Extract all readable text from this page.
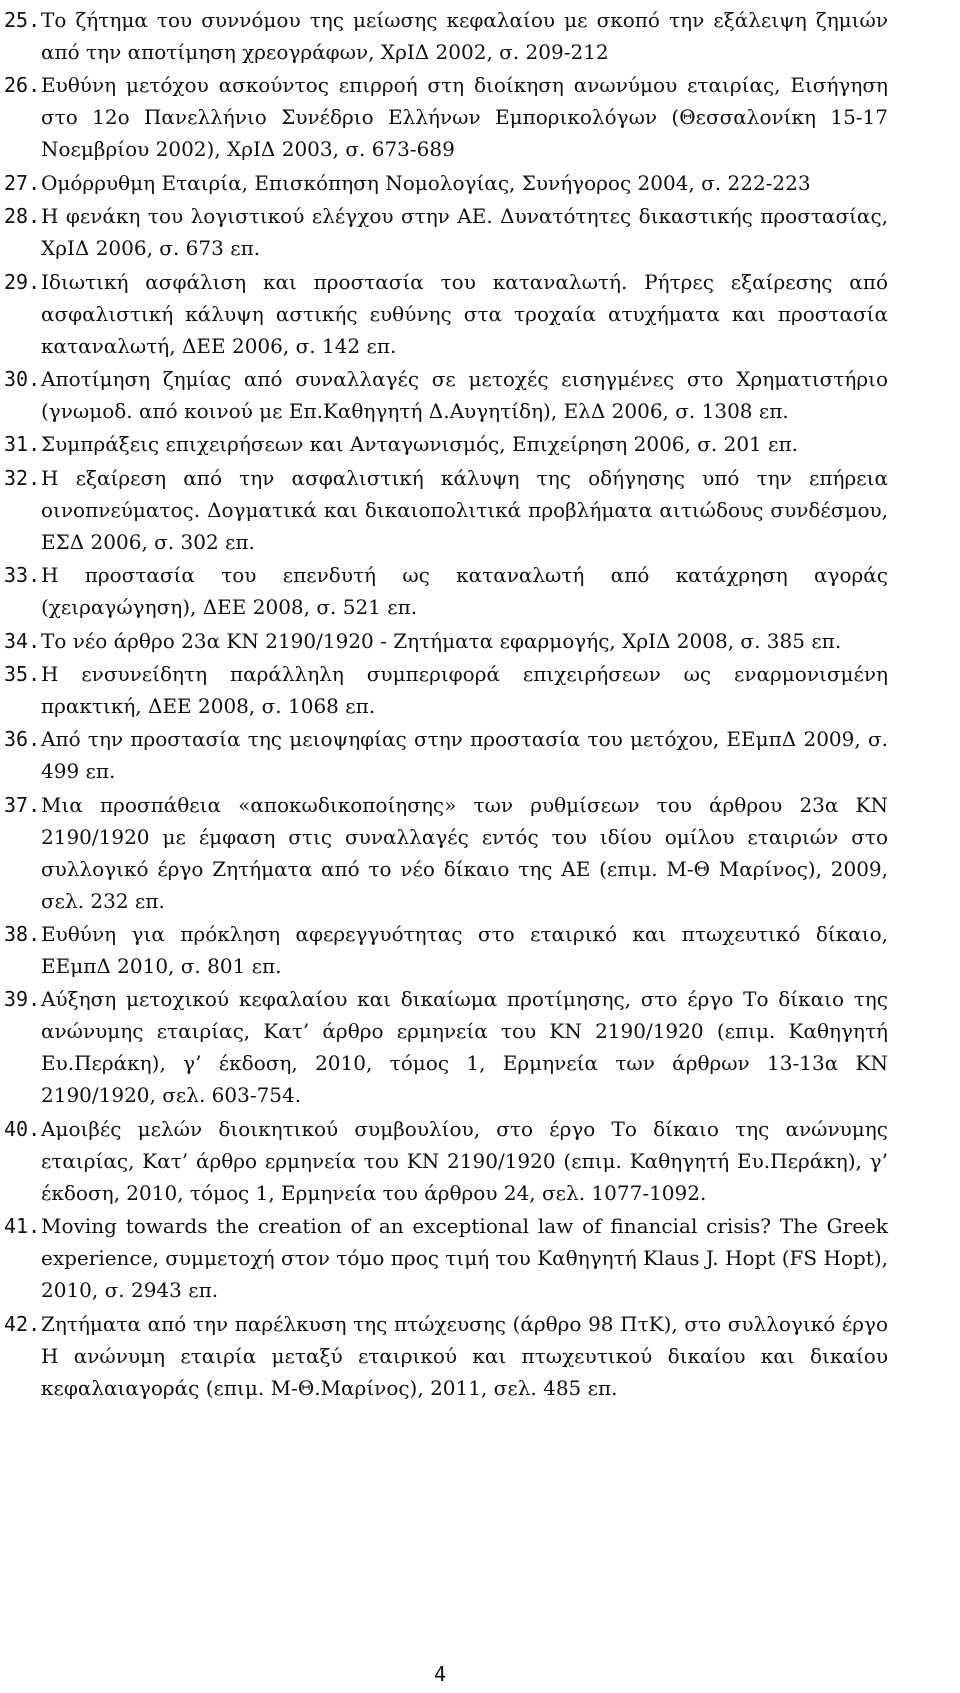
25. Το ζήτημα του συννόμου της μείωσης κεφαλαίου με σκοπό την εξάλειψη ζημιών από την αποτίμηση χρεογράφων, ΧρΙΔ 2002, σ. 209-212
26. Ευθύνη μετόχου ασκούντος επιρροή στη διοίκηση ανωνύμου εταιρίας, Εισήγηση στο 12ο Πανελλήνιο Συνέδριο Ελλήνων Εμπορικολόγων (Θεσσαλονίκη 15-17 Νοεμβρίου 2002), ΧρΙΔ 2003, σ. 673-689
27. Ομόρρυθμη Εταιρία, Επισκόπηση Νομολογίας, Συνήγορος 2004, σ. 222-223
28. Η φενάκη του λογιστικού ελέγχου στην ΑΕ. Δυνατότητες δικαστικής προστασίας, ΧρΙΔ 2006, σ. 673 επ.
29. Ιδιωτική ασφάλιση και προστασία του καταναλωτή. Ρήτρες εξαίρεσης από ασφαλιστική κάλυψη αστικής ευθύνης στα τροχαία ατυχήματα και προστασία καταναλωτή, ΔΕΕ 2006, σ. 142 επ.
30. Αποτίμηση ζημίας από συναλλαγές σε μετοχές εισηγμένες στο Χρηματιστήριο (γνωμοδ. από κοινού με Επ.Καθηγητή Δ.Αυγητίδη), ΕλΔ 2006, σ. 1308 επ.
31. Συμπράξεις επιχειρήσεων και Ανταγωνισμός, Επιχείρηση 2006, σ. 201 επ.
32. Η εξαίρεση από την ασφαλιστική κάλυψη της οδήγησης υπό την επήρεια οινοπνεύματος. Δογματικά και δικαιοπολιτικά προβλήματα αιτιώδους συνδέσμου, ΕΣΔ 2006, σ. 302 επ.
33. Η προστασία του επενδυτή ως καταναλωτή από κατάχρηση αγοράς (χειραγώγηση), ΔΕΕ 2008, σ. 521 επ.
34. Το νέο άρθρο 23α ΚΝ 2190/1920 - Ζητήματα εφαρμογής, ΧρΙΔ 2008, σ. 385 επ.
35. Η ενσυνείδητη παράλληλη συμπεριφορά επιχειρήσεων ως εναρμονισμένη πρακτική, ΔΕΕ 2008, σ. 1068 επ.
36. Από την προστασία της μειοψηφίας στην προστασία του μετόχου, ΕΕμπΔ 2009, σ. 499 επ.
37. Μια προσπάθεια «αποκωδικοποίησης» των ρυθμίσεων του άρθρου 23α ΚΝ 2190/1920 με έμφαση στις συναλλαγές εντός του ιδίου ομίλου εταιριών στο συλλογικό έργο Ζητήματα από το νέο δίκαιο της ΑΕ (επιμ. Μ-Θ Μαρίνος), 2009, σελ. 232 επ.
38. Ευθύνη για πρόκληση αφερεγγυότητας στο εταιρικό και πτωχευτικό δίκαιο, ΕΕμπΔ 2010, σ. 801 επ.
39. Αύξηση μετοχικού κεφαλαίου και δικαίωμα προτίμησης, στο έργο Το δίκαιο της ανώνυμης εταιρίας, Κατ’ άρθρο ερμηνεία του ΚΝ 2190/1920 (επιμ. Καθηγητή Ευ.Περάκη), γ’ έκδοση, 2010, τόμος 1, Ερμηνεία των άρθρων 13-13α ΚΝ 2190/1920, σελ. 603-754.
40. Αμοιβές μελών διοικητικού συμβουλίου, στο έργο Το δίκαιο της ανώνυμης εταιρίας, Κατ’ άρθρο ερμηνεία του ΚΝ 2190/1920 (επιμ. Καθηγητή Ευ.Περάκη), γ’ έκδοση, 2010, τόμος 1, Ερμηνεία του άρθρου 24, σελ. 1077-1092.
41. Moving towards the creation of an exceptional law of financial crisis? The Greek experience, συμμετοχή στον τόμο προς τιμή του Καθηγητή Klaus J. Hopt (FS Hopt), 2010, σ. 2943 επ.
42. Ζητήματα από την παρέλκυση της πτώχευσης (άρθρο 98 ΠτΚ), στο συλλογικό έργο Η ανώνυμη εταιρία μεταξύ εταιρικού και πτωχευτικού δικαίου και δικαίου κεφαλαιαγοράς (επιμ. Μ-Θ.Μαρίνος), 2011, σελ. 485 επ.
4
